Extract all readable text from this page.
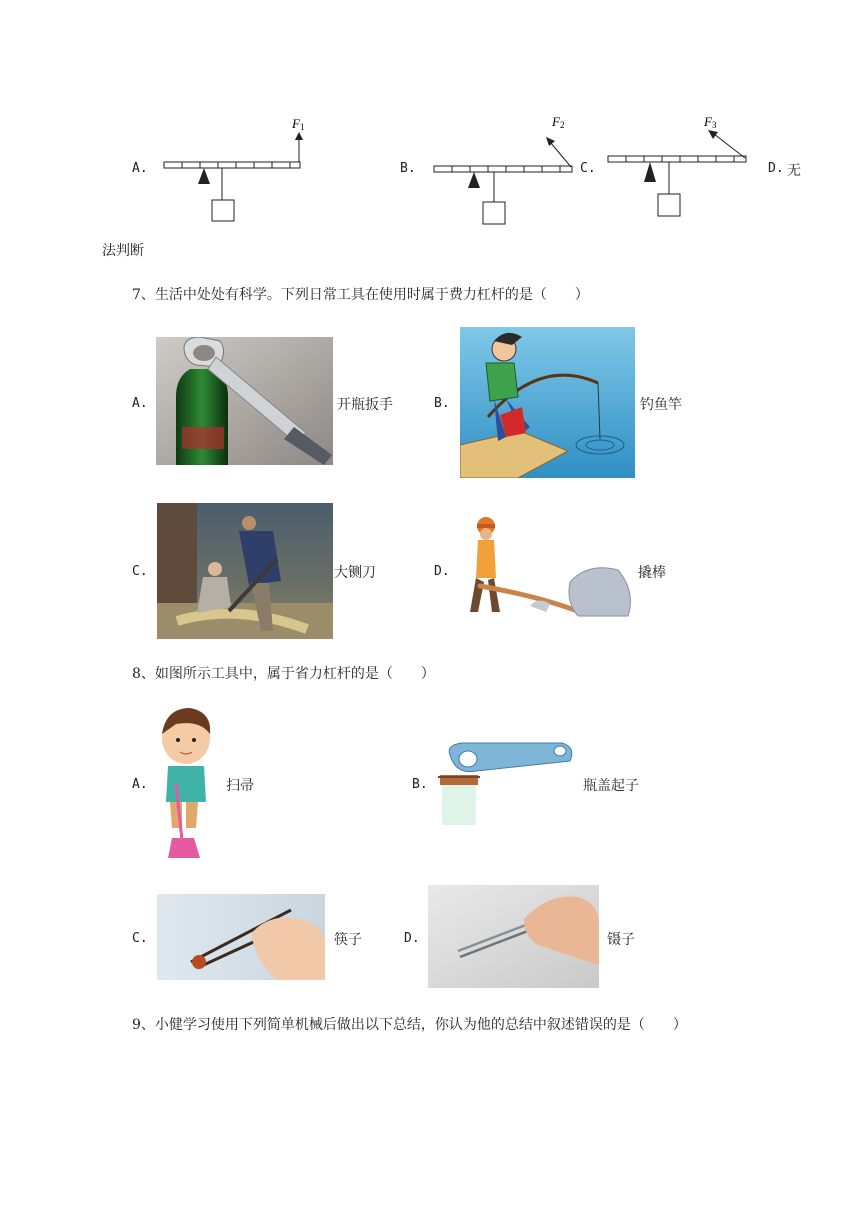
A.
F 1
B.
F 2
C.
F 3
D. 无
法判断
7、生活中处处有科学。下列日常工具在使用时属于费力杠杆的是（　　）
A.	开瓶扳手	B.	钓鱼竿
C.	大铡刀	D.	撬棒
8、如图所示工具中，属于省力杠杆的是（　　）
A.	扫帚	B.	瓶盖起子
C.	筷子	D.	镊子
9、小健学习使用下列简单机械后做出以下总结，你认为他的总结中叙述错误的是（　　）
